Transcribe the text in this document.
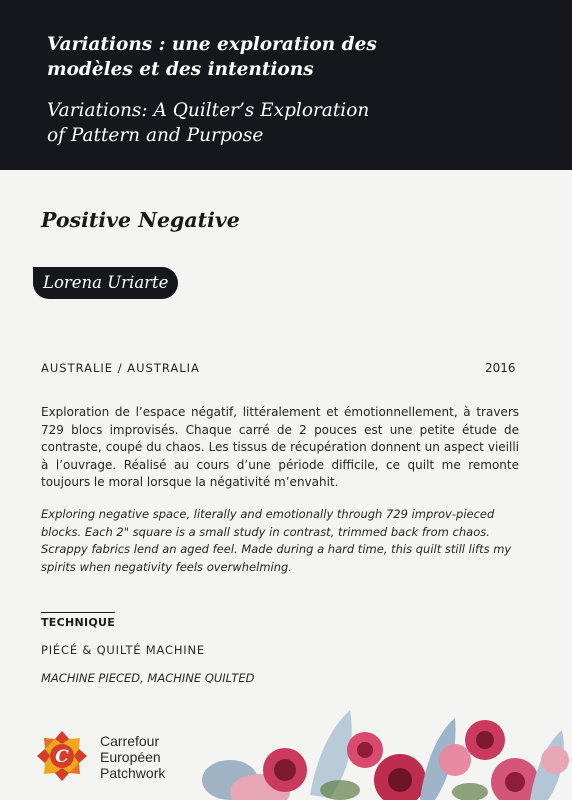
Variations : une exploration des
modèles et des intentions
Variations: A Quilter’s Exploration
of Pattern and Purpose
Positive Negative
Lorena Uriarte
AUSTRALIE / AUSTRALIA	2016
Exploration de l’espace négatif, littéralement et émotionnellement, à travers 729 blocs improvisés. Chaque carré de 2 pouces est une petite étude de contraste, coupé du chaos. Les tissus de récupération donnent un aspect vieilli à l’ouvrage. Réalisé au cours d’une période difficile, ce quilt me remonte toujours le moral lorsque la négativité m’envahit.
Exploring negative space, literally and emotionally through 729 improv-pieced blocks. Each 2" square is a small study in contrast, trimmed back from chaos. Scrappy fabrics lend an aged feel. Made during a hard time, this quilt still lifts my spirits when negativity feels overwhelming.
TECHNIQUE
PIÉCÉ & QUILTÉ MACHINE
MACHINE PIECED, MACHINE QUILTED
C
Carrefour
Européen
Patchwork
